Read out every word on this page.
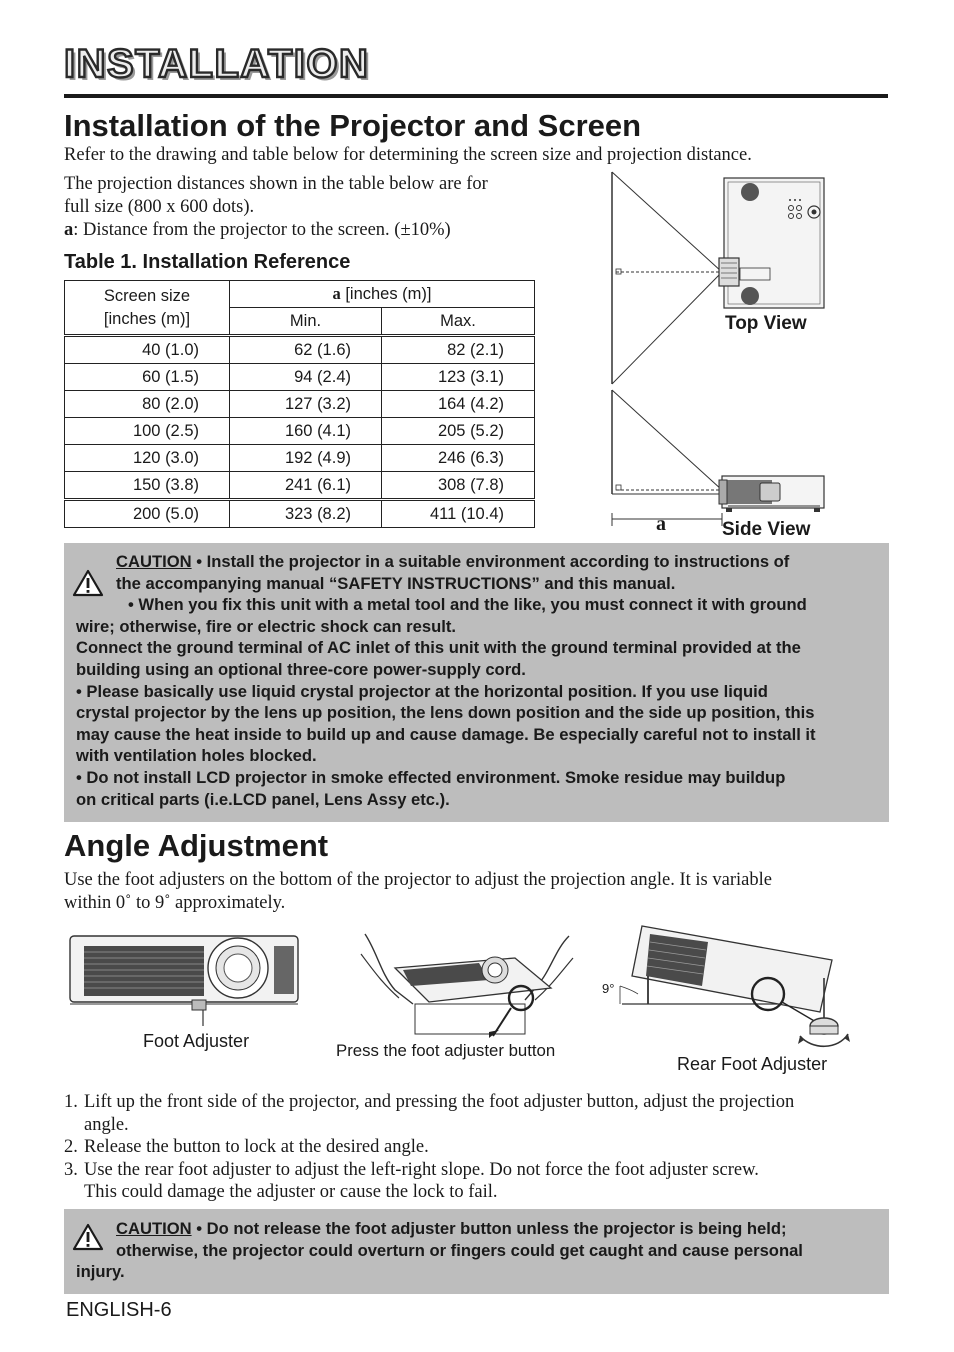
INSTALLATION
Installation of the Projector and Screen
Refer to the drawing and table below for determining the screen size and projection distance.
The projection distances shown in the table below are for
full size (800 x 600 dots).
a: Distance from the projector to the screen. (±10%)
Table 1. Installation Reference
Screen size
[inches (m)]	a [inches (m)]	
	Min.	Max.
40 (1.0)	62 (1.6)	82 (2.1)
60 (1.5)	94 (2.4)	123 (3.1)
80 (2.0)	127 (3.2)	164 (4.2)
100 (2.5)	160 (4.1)	205 (5.2)
120 (3.0)	192 (4.9)	246 (6.3)
150 (3.8)	241 (6.1)	308 (7.8)
200 (5.0)	323 (8.2)	411 (10.4)
Top View
a	Side View
CAUTION • Install the projector in a suitable environment according to instructions of
the accompanying manual “SAFETY INSTRUCTIONS” and this manual.
• When you fix this unit with a metal tool and the like, you must connect it with ground
wire; otherwise, fire or electric shock can result.
Connect the ground terminal of AC inlet of this unit with the ground terminal provided at the
building using an optional three-core power-supply cord.
• Please basically use liquid crystal projector at the horizontal position. If you use liquid
crystal projector by the lens up position, the lens down position and the side up position, this
may cause the heat inside to build up and cause damage. Be especially careful not to install it
with ventilation holes blocked.
• Do not install LCD projector in smoke effected environment. Smoke residue may buildup
on critical parts (i.e.LCD panel, Lens Assy etc.).
Angle Adjustment
Use the foot adjusters on the bottom of the projector to adjust the projection angle. It is variable
within 0˚ to 9˚ approximately.
Foot Adjuster	Press the foot adjuster button
9°
Rear Foot Adjuster
1. Lift up the front side of the projector, and pressing the foot adjuster button, adjust the projection
angle.
2. Release the button to lock at the desired angle.
3. Use the rear foot adjuster to adjust the left-right slope. Do not force the foot adjuster screw.
This could damage the adjuster or cause the lock to fail.
CAUTION • Do not release the foot adjuster button unless the projector is being held;
otherwise, the projector could overturn or fingers could get caught and cause personal
injury.
ENGLISH-6
